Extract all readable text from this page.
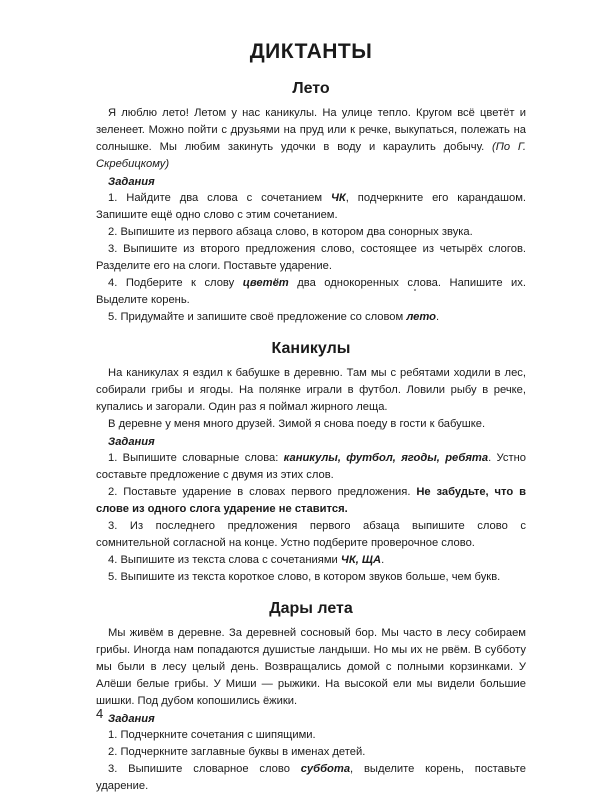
ДИКТАНТЫ
Лето

Я люблю лето! Летом у нас каникулы. На улице тепло. Кругом всё цветёт и зеленеет. Можно пойти с друзьями на пруд или к речке, выкупаться, полежать на солнышке. Мы любим закинуть удочки в воду и караулить добычу. (По Г. Скребицкому)

Задания

1. Найдите два слова с сочетанием ЧК, подчеркните его карандашом. Запишите ещё одно слово с этим сочетанием.

2. Выпишите из первого абзаца слово, в котором два сонорных звука.

3. Выпишите из второго предложения слово, состоящее из четырёх слогов. Разделите его на слоги. Поставьте ударение.

4. Подберите к слову цветёт два однокоренных слова. Напишите их. Выделите корень.

5. Придумайте и запишите своё предложение со словом лето.

Каникулы

На каникулах я ездил к бабушке в деревню. Там мы с ребятами ходили в лес, собирали грибы и ягоды. На полянке играли в футбол. Ловили рыбу в речке, купались и загорали. Один раз я поймал жирного леща.

В деревне у меня много друзей. Зимой я снова поеду в гости к бабушке.

Задания

1. Выпишите словарные слова: каникулы, футбол, ягоды, ребята. Устно составьте предложение с двумя из этих слов.

2. Поставьте ударение в словах первого предложения. Не забудьте, что в слове из одного слога ударение не ставится.

3. Из последнего предложения первого абзаца выпишите слово с сомнительной согласной на конце. Устно подберите проверочное слово.

4. Выпишите из текста слова с сочетаниями ЧК, ЩА.

5. Выпишите из текста короткое слово, в котором звуков больше, чем букв.

Дары лета

Мы живём в деревне. За деревней сосновый бор. Мы часто в лесу собираем грибы. Иногда нам попадаются душистые ландыши. Но мы их не рвём. В субботу мы были в лесу целый день. Возвращались домой с полными корзинками. У Алёши белые грибы. У Миши — рыжики. На высокой ели мы видели большие шишки. Под дубом копошились ёжики.

Задания

1. Подчеркните сочетания с шипящими.

2. Подчеркните заглавные буквы в именах детей.

3. Выпишите словарное слово суббота, выделите корень, поставьте ударение.

4
